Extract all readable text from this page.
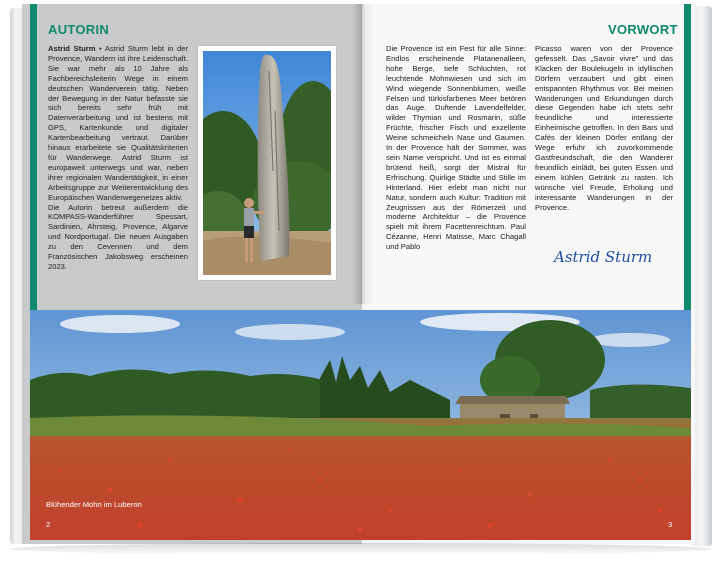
AUTORIN
Astrid Sturm • Astrid Sturm lebt in der Provence, Wandern ist ihre Leidenschaft. Sie war mehr als 10 Jahre als Fachbereichsleiterin Wege in einem deutschen Wanderverein tätig. Neben der Bewegung in der Natur befasste sie sich bereits sehr früh mit Datenverarbeitung und ist bestens mit GPS, Kartenkunde und digitaler Kartenbearbeitung vertraut. Darüber hinaus erarbeitete sie Qualitätskriterien für Wanderwege. Astrid Sturm ist europaweit unterwegs und war, neben ihrer regionalen Wandertätigkeit, in einer Arbeitsgruppe zur Weiterentwicklung des Europäischen Wanderwegenetzes aktiv.
Die Autorin betreut außerdem die KOMPASS-Wanderführer Spessart, Sardinien, Ahrsteig, Provence, Algarve und Nordportugal. Die neuen Ausgaben zu den Cevennen und dem Französischen Jakobsweg erscheinen 2023.
VORWORT
Die Provence ist ein Fest für alle Sinne: Endlos erscheinende Platanenalleen, hohe Berge, tiefe Schluchten, rot leuchtende Mohnwiesen und sich im Wind wiegende Sonnenblumen, weiße Felsen und türkisfarbenes Meer betören das Auge. Duftende Lavendelfelder, wilder Thymian und Rosmarin, süße Früchte, frischer Fisch und exzellente Weine schmeicheln Nase und Gaumen. In der Provence hält der Sommer, was sein Name verspricht. Und ist es einmal brütend heiß, sorgt der Mistral für Erfrischung. Quirlige Städte und Stille im Hinterland. Hier erlebt man nicht nur Natur, sondern auch Kultur: Tradition mit Zeugnissen aus der Römerzeit und moderne Architektur – die Provence spielt mit ihrem Facettenreichtum. Paul Cézanne, Henri Matisse, Marc Chagall und Pablo
Picasso waren von der Provence gefesselt. Das „Savoir vivre" und das Klacken der Boulekugeln in idyllischen Dörfern verzaubert und gibt einen entspannten Rhythmus vor. Bei meinen Wanderungen und Erkundungen durch diese Gegenden habe ich stets sehr freundliche und interessierte Einheimische getroffen. In den Bars und Cafés der kleinen Dörfer entlang der Wege erfuhr ich zuvorkommende Gastfreundschaft, die den Wanderer freundlich einlädt, bei guten Essen und einem kühlen Getränk zu rasten. Ich wünsche viel Freude, Erholung und interessante Wanderungen in der Provence.
Astrid Sturm
Blühender Mohn im Luberon
2	3
